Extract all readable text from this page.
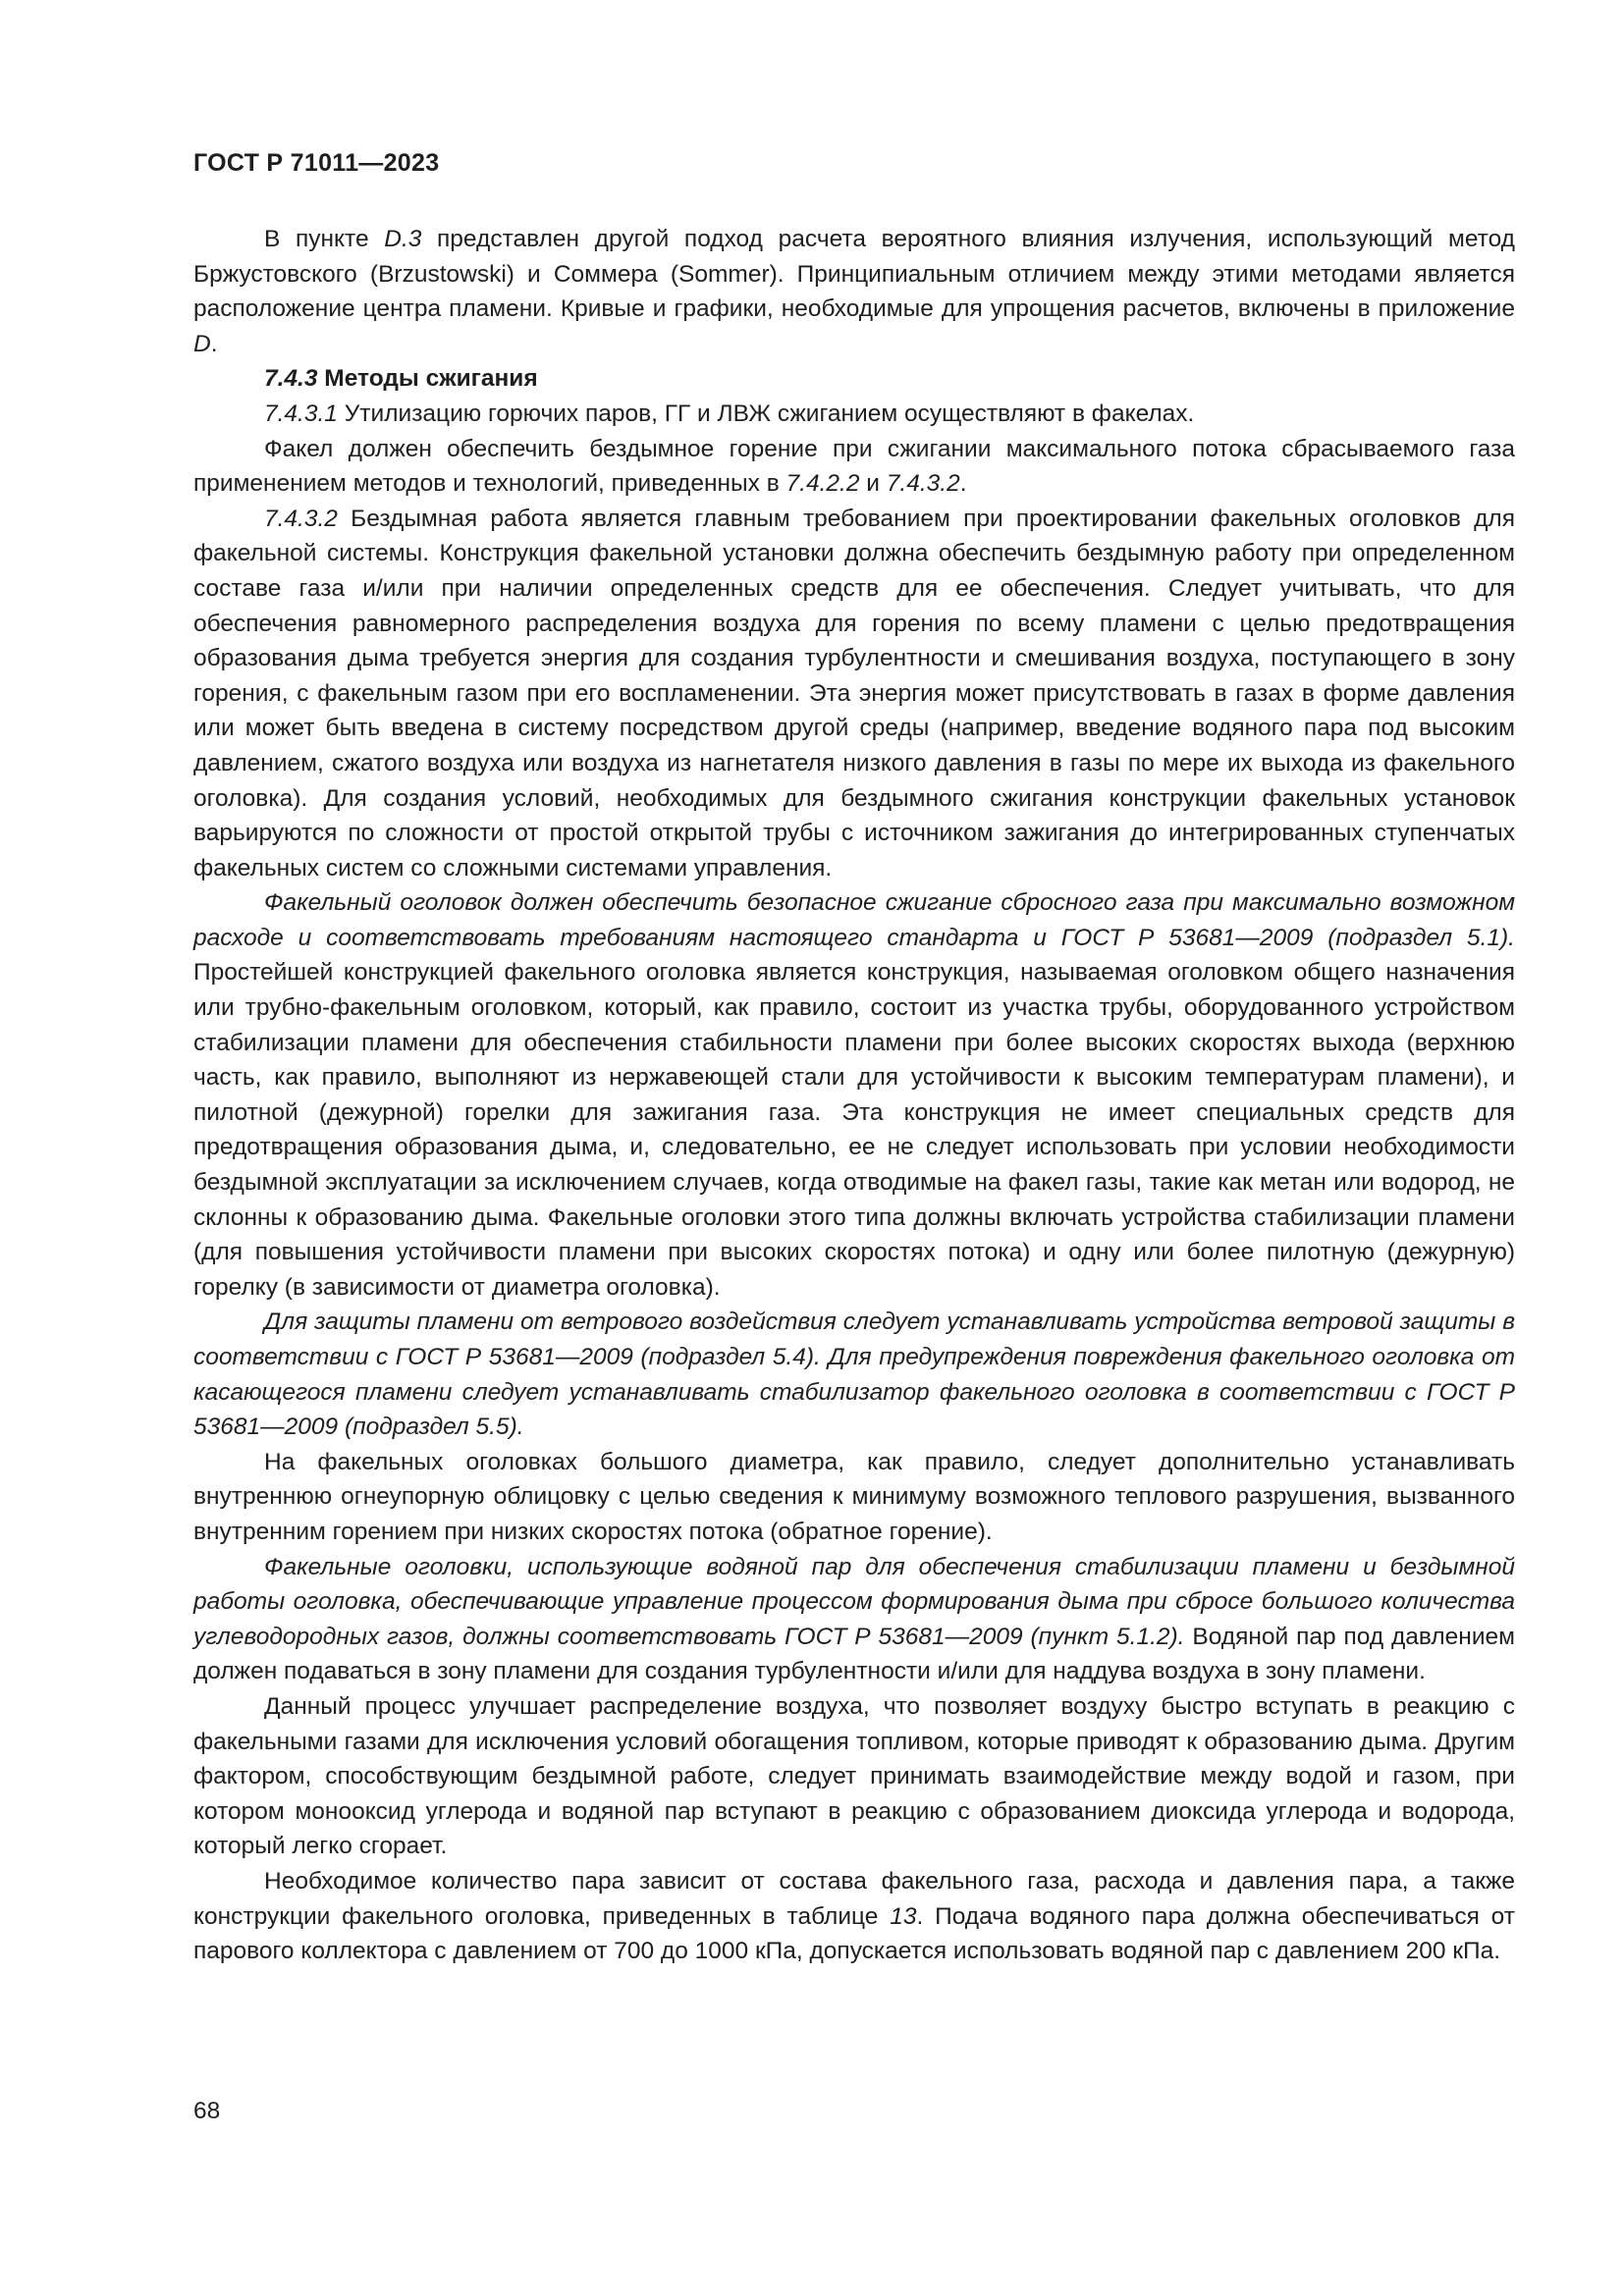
ГОСТ Р 71011—2023

В пункте D.3 представлен другой подход расчета вероятного влияния излучения, использующий метод Бржустовского (Brzustowski) и Соммера (Sommer). Принципиальным отличием между этими методами является расположение центра пламени. Кривые и графики, необходимые для упрощения расчетов, включены в приложение D.

7.4.3 Методы сжигания

7.4.3.1 Утилизацию горючих паров, ГГ и ЛВЖ сжиганием осуществляют в факелах.

Факел должен обеспечить бездымное горение при сжигании максимального потока сбрасываемого газа применением методов и технологий, приведенных в 7.4.2.2 и 7.4.3.2.

7.4.3.2 Бездымная работа является главным требованием при проектировании факельных оголовков для факельной системы. Конструкция факельной установки должна обеспечить бездымную работу при определенном составе газа и/или при наличии определенных средств для ее обеспечения. Следует учитывать, что для обеспечения равномерного распределения воздуха для горения по всему пламени с целью предотвращения образования дыма требуется энергия для создания турбулентности и смешивания воздуха, поступающего в зону горения, с факельным газом при его воспламенении. Эта энергия может присутствовать в газах в форме давления или может быть введена в систему посредством другой среды (например, введение водяного пара под высоким давлением, сжатого воздуха или воздуха из нагнетателя низкого давления в газы по мере их выхода из факельного оголовка). Для создания условий, необходимых для бездымного сжигания конструкции факельных установок варьируются по сложности от простой открытой трубы с источником зажигания до интегрированных ступенчатых факельных систем со сложными системами управления.

Факельный оголовок должен обеспечить безопасное сжигание сбросного газа при максимально возможном расходе и соответствовать требованиям настоящего стандарта и ГОСТ Р 53681—2009 (подраздел 5.1). Простейшей конструкцией факельного оголовка является конструкция, называемая оголовком общего назначения или трубно-факельным оголовком, который, как правило, состоит из участка трубы, оборудованного устройством стабилизации пламени для обеспечения стабильности пламени при более высоких скоростях выхода (верхнюю часть, как правило, выполняют из нержавеющей стали для устойчивости к высоким температурам пламени), и пилотной (дежурной) горелки для зажигания газа. Эта конструкция не имеет специальных средств для предотвращения образования дыма, и, следовательно, ее не следует использовать при условии необходимости бездымной эксплуатации за исключением случаев, когда отводимые на факел газы, такие как метан или водород, не склонны к образованию дыма. Факельные оголовки этого типа должны включать устройства стабилизации пламени (для повышения устойчивости пламени при высоких скоростях потока) и одну или более пилотную (дежурную) горелку (в зависимости от диаметра оголовка).

Для защиты пламени от ветрового воздействия следует устанавливать устройства ветровой защиты в соответствии с ГОСТ Р 53681—2009 (подраздел 5.4). Для предупреждения повреждения факельного оголовка от касающегося пламени следует устанавливать стабилизатор факельного оголовка в соответствии с ГОСТ Р 53681—2009 (подраздел 5.5).

На факельных оголовках большого диаметра, как правило, следует дополнительно устанавливать внутреннюю огнеупорную облицовку с целью сведения к минимуму возможного теплового разрушения, вызванного внутренним горением при низких скоростях потока (обратное горение).

Факельные оголовки, использующие водяной пар для обеспечения стабилизации пламени и бездымной работы оголовка, обеспечивающие управление процессом формирования дыма при сбросе большого количества углеводородных газов, должны соответствовать ГОСТ Р 53681—2009 (пункт 5.1.2). Водяной пар под давлением должен подаваться в зону пламени для создания турбулентности и/или для наддува воздуха в зону пламени.

Данный процесс улучшает распределение воздуха, что позволяет воздуху быстро вступать в реакцию с факельными газами для исключения условий обогащения топливом, которые приводят к образованию дыма. Другим фактором, способствующим бездымной работе, следует принимать взаимодействие между водой и газом, при котором монооксид углерода и водяной пар вступают в реакцию с образованием диоксида углерода и водорода, который легко сгорает.

Необходимое количество пара зависит от состава факельного газа, расхода и давления пара, а также конструкции факельного оголовка, приведенных в таблице 13. Подача водяного пара должна обеспечиваться от парового коллектора с давлением от 700 до 1000 кПа, допускается использовать водяной пар с давлением 200 кПа.

68
